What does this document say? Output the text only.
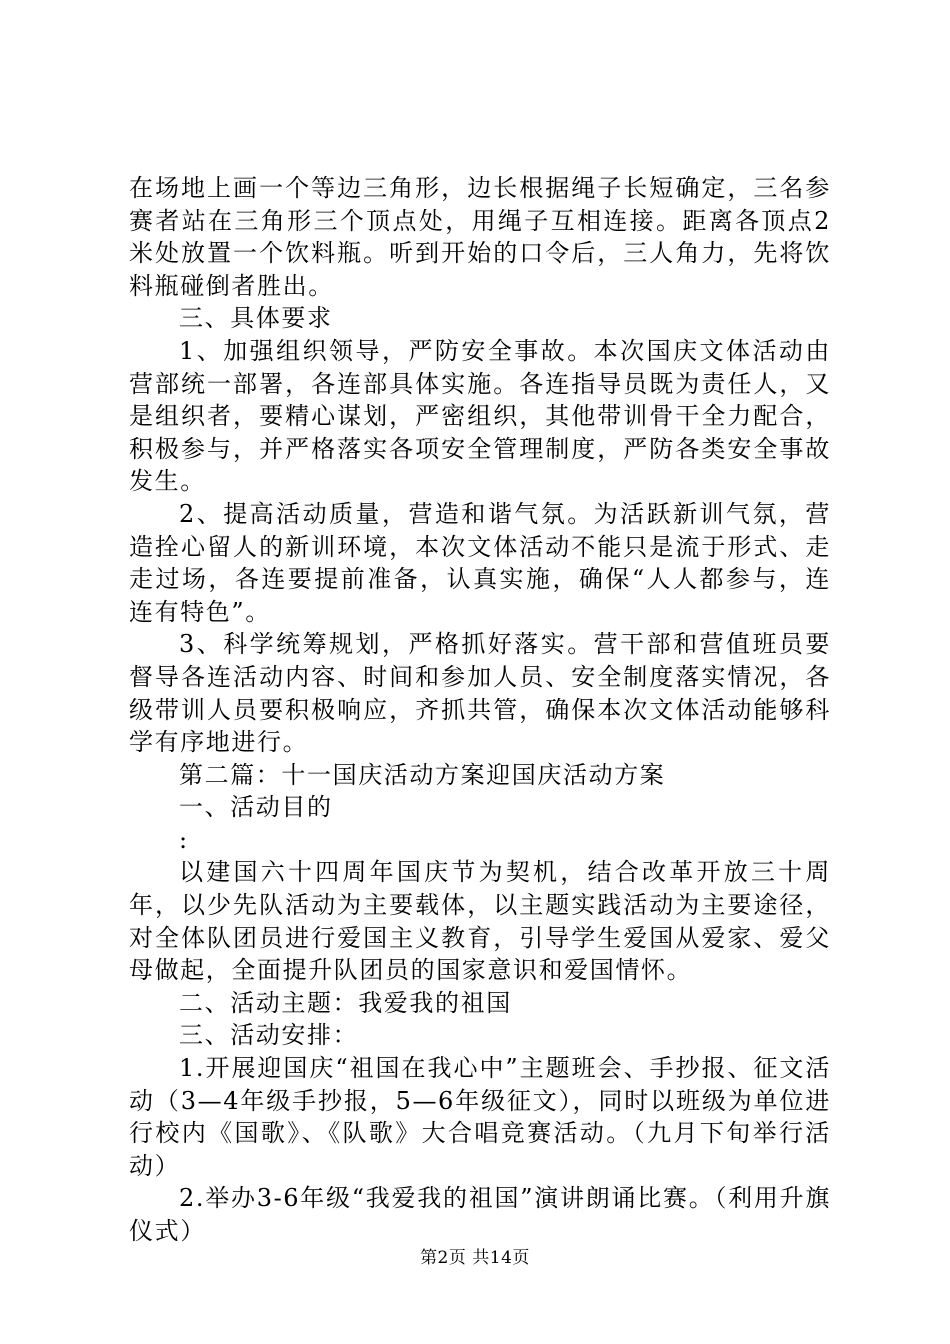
在场地上画一个等边三角形，边长根据绳子长短确定，三名参赛者站在三角形三个顶点处，用绳子互相连接。距离各顶点2米处放置一个饮料瓶。听到开始的口令后，三人角力，先将饮料瓶碰倒者胜出。

三、具体要求

1、加强组织领导，严防安全事故。本次国庆文体活动由营部统一部署，各连部具体实施。各连指导员既为责任人，又是组织者，要精心谋划，严密组织，其他带训骨干全力配合，积极参与，并严格落实各项安全管理制度，严防各类安全事故发生。

2、提高活动质量，营造和谐气氛。为活跃新训气氛，营造拴心留人的新训环境，本次文体活动不能只是流于形式、走走过场，各连要提前准备，认真实施，确保“人人都参与，连连有特色”。

3、科学统筹规划，严格抓好落实。营干部和营值班员要督导各连活动内容、时间和参加人员、安全制度落实情况，各级带训人员要积极响应，齐抓共管，确保本次文体活动能够科学有序地进行。

第二篇：十一国庆活动方案迎国庆活动方案

一、活动目的

:

以建国六十四周年国庆节为契机，结合改革开放三十周年，以少先队活动为主要载体，以主题实践活动为主要途径，对全体队团员进行爱国主义教育，引导学生爱国从爱家、爱父母做起，全面提升队团员的国家意识和爱国情怀。

二、活动主题：我爱我的祖国

三、活动安排：

1.开展迎国庆“祖国在我心中”主题班会、手抄报、征文活动（3—4年级手抄报，5—6年级征文），同时以班级为单位进行校内《国歌》、《队歌》大合唱竞赛活动。（九月下旬举行活动）

2.举办3-6年级“我爱我的祖国”演讲朗诵比赛。（利用升旗仪式）

第2页 共14页
